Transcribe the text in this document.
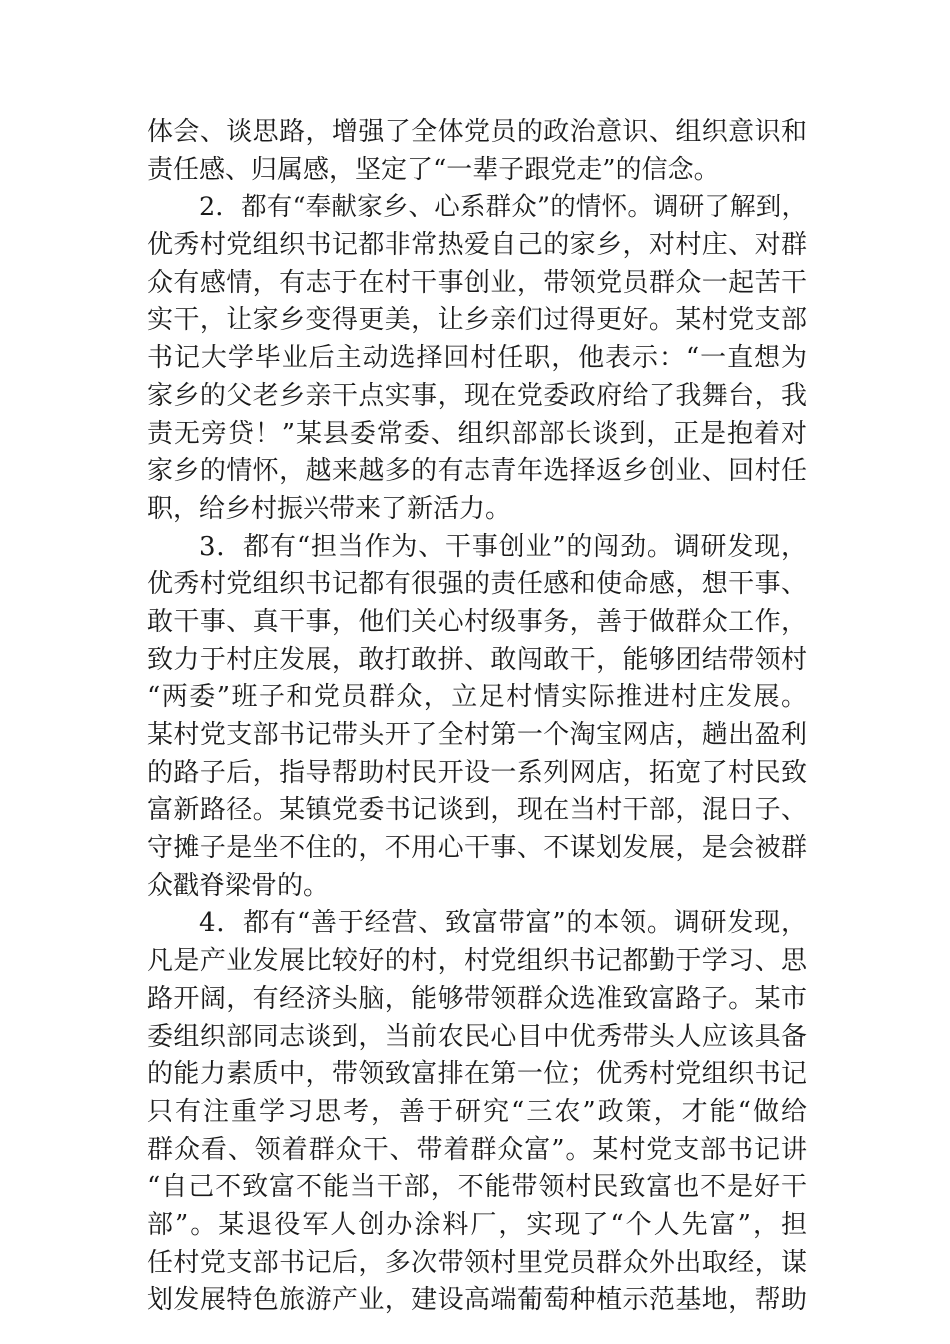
体会、谈思路，增强了全体党员的政治意识、组织意识和
责任感、归属感，坚定了“一辈子跟党走”的信念。
2．都有“奉献家乡、心系群众”的情怀。调研了解到，
优秀村党组织书记都非常热爱自己的家乡，对村庄、对群
众有感情，有志于在村干事创业，带领党员群众一起苦干
实干，让家乡变得更美，让乡亲们过得更好。某村党支部
书记大学毕业后主动选择回村任职，他表示：“一直想为
家乡的父老乡亲干点实事，现在党委政府给了我舞台，我
责无旁贷！”某县委常委、组织部部长谈到，正是抱着对
家乡的情怀，越来越多的有志青年选择返乡创业、回村任
职，给乡村振兴带来了新活力。
3．都有“担当作为、干事创业”的闯劲。调研发现，
优秀村党组织书记都有很强的责任感和使命感，想干事、
敢干事、真干事，他们关心村级事务，善于做群众工作，
致力于村庄发展，敢打敢拼、敢闯敢干，能够团结带领村
“两委”班子和党员群众，立足村情实际推进村庄发展。
某村党支部书记带头开了全村第一个淘宝网店，趟出盈利
的路子后，指导帮助村民开设一系列网店，拓宽了村民致
富新路径。某镇党委书记谈到，现在当村干部，混日子、
守摊子是坐不住的，不用心干事、不谋划发展，是会被群
众戳脊梁骨的。
4．都有“善于经营、致富带富”的本领。调研发现，
凡是产业发展比较好的村，村党组织书记都勤于学习、思
路开阔，有经济头脑，能够带领群众选准致富路子。某市
委组织部同志谈到，当前农民心目中优秀带头人应该具备
的能力素质中，带领致富排在第一位；优秀村党组织书记
只有注重学习思考，善于研究“三农”政策，才能“做给
群众看、领着群众干、带着群众富”。某村党支部书记讲
“自己不致富不能当干部，不能带领村民致富也不是好干
部”。某退役军人创办涂料厂，实现了“个人先富”，担
任村党支部书记后，多次带领村里党员群众外出取经，谋
划发展特色旅游产业，建设高端葡萄种植示范基地，帮助
